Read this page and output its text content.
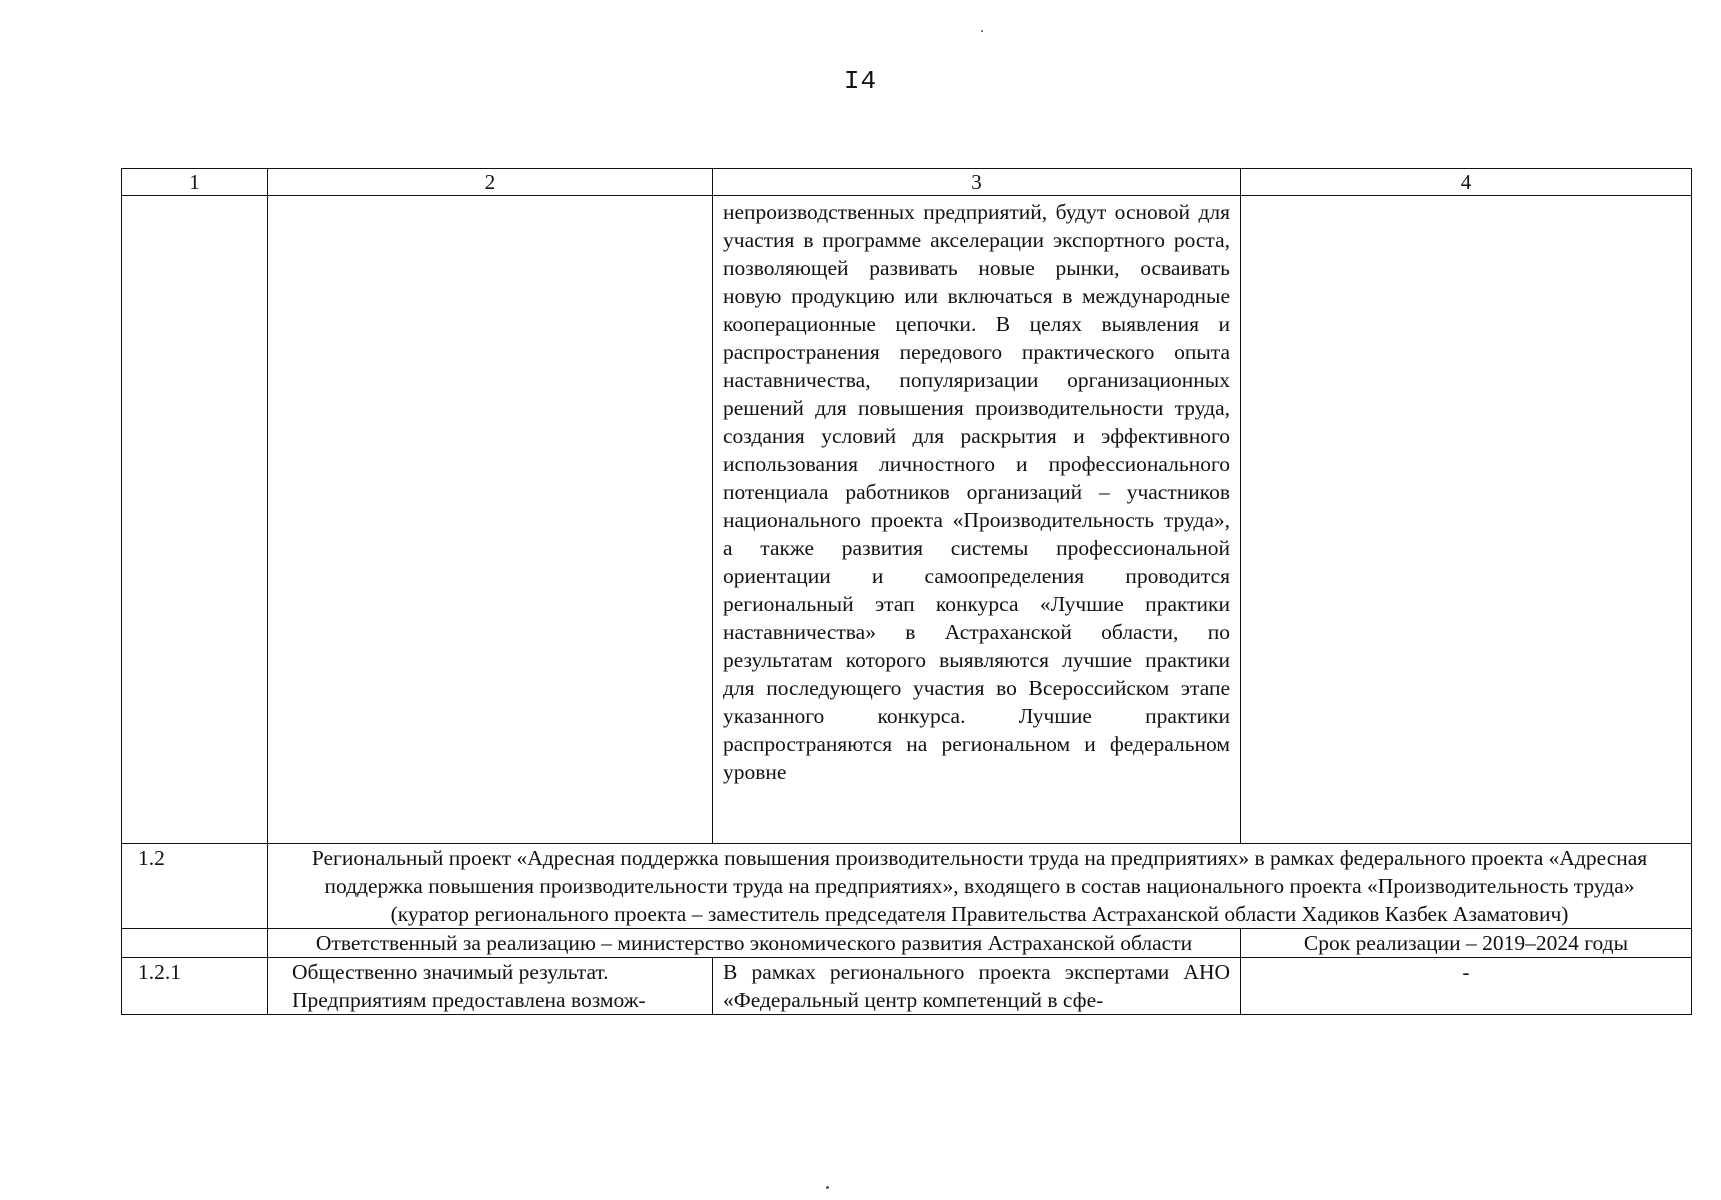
I4
1	2	3	4
		непроизводственных предприятий, будут основой для участия в программе акселерации экспортного роста, позволяющей развивать новые рынки, осваивать новую продукцию или включаться в международные кооперационные цепочки. В целях выявления и распространения передового практического опыта наставничества, популяризации организационных решений для повышения производительности труда, создания условий для раскрытия и эффективного использования личностного и профессионального потенциала работников организаций – участников национального проекта «Производительность труда», а также развития системы профессиональной ориентации и самоопределения проводится региональный этап конкурса «Лучшие практики наставничества» в Астраханской области, по результатам которого выявляются лучшие практики для последующего участия во Всероссийском этапе указанного конкурса. Лучшие практики распространяются на региональном и федеральном уровне	
1.2	Региональный проект «Адресная поддержка повышения производительности труда на предприятиях» в рамках федерального проекта «Адресная поддержка повышения производительности труда на предприятиях», входящего в состав национального проекта «Производительность труда»
(куратор регионального проекта – заместитель председателя Правительства Астраханской области Хадиков Казбек Азаматович)		

	Ответственный за реализацию – министерство экономического развития Астраханской области		Срок реализации – 2019–2024 годы
1.2.1	Общественно значимый результат. Предприятиям предоставлена возмож-	В рамках регионального проекта экспертами АНО «Федеральный центр компетенций в сфе-	-
